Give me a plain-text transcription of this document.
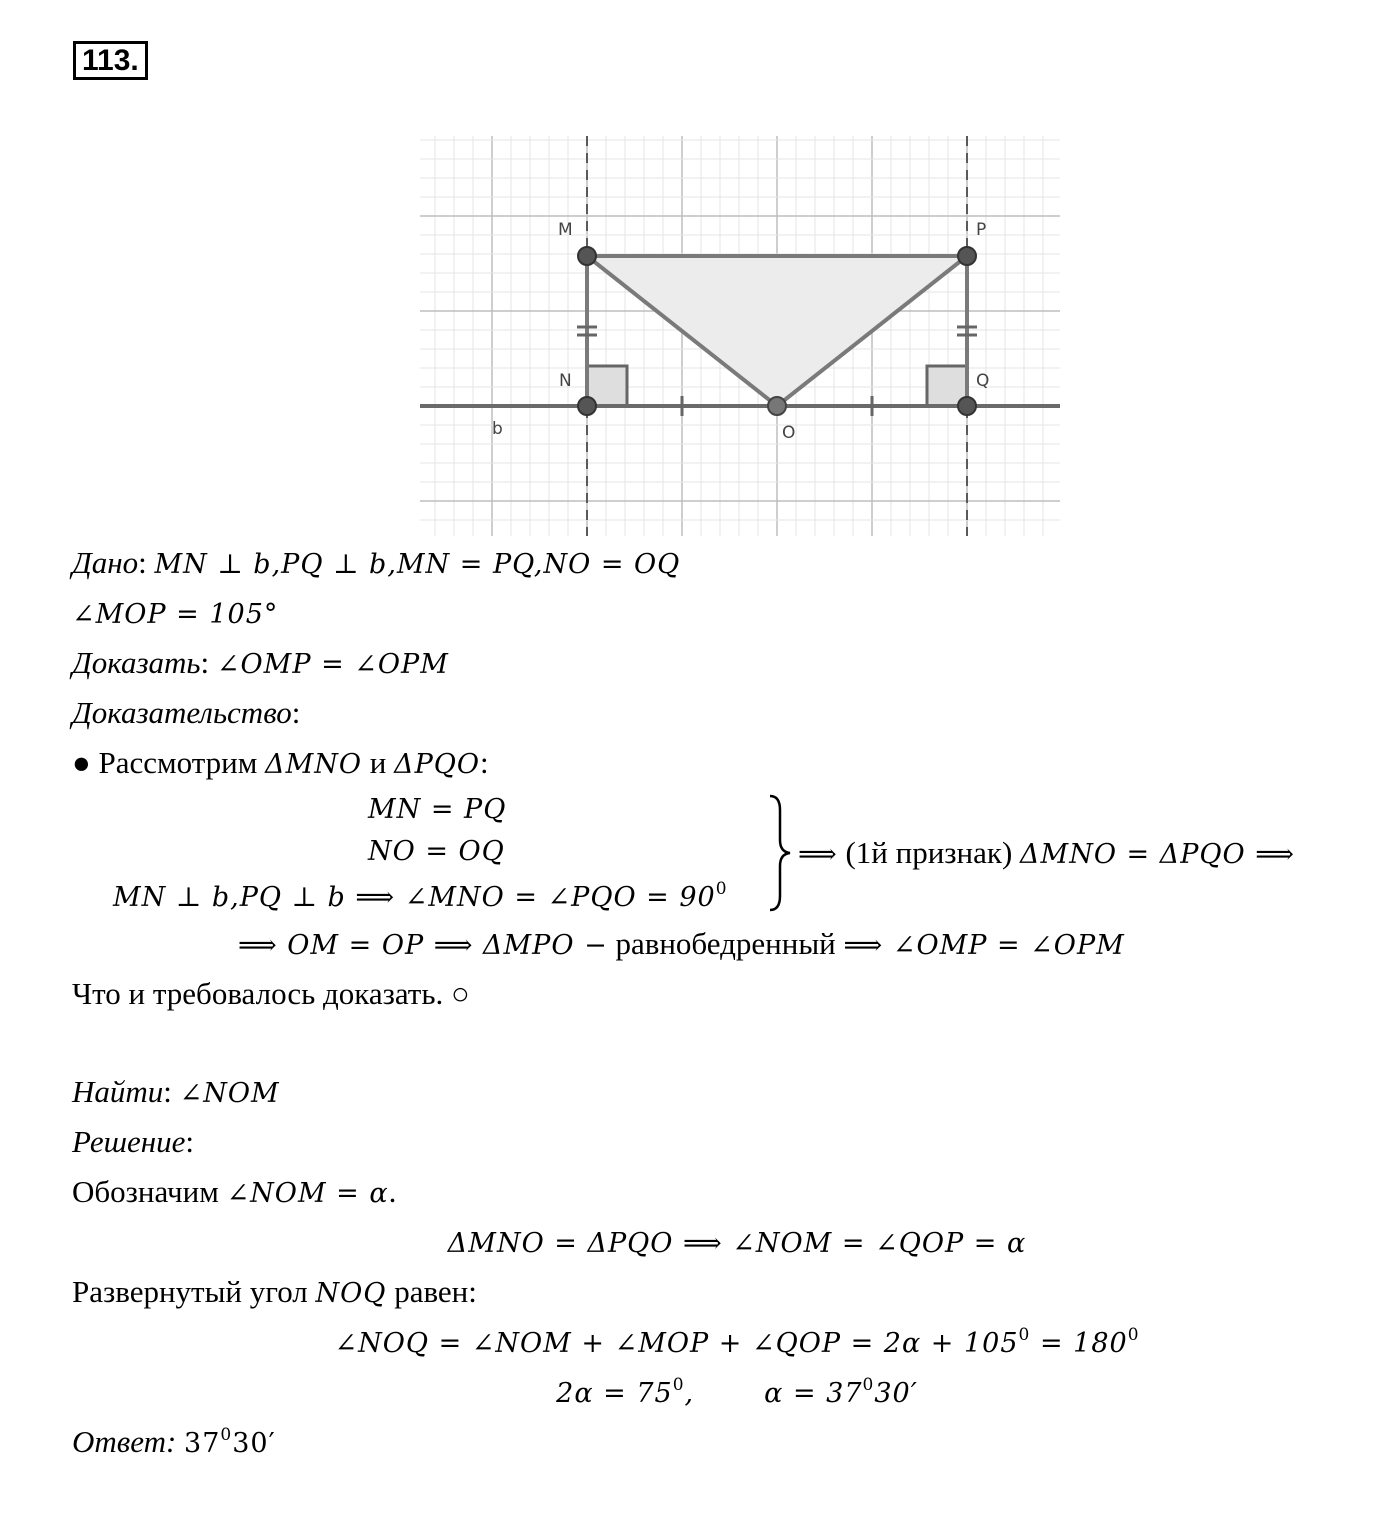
113.
M	P
N	Q
O
b
Дано: MN ⊥ b,PQ ⊥ b,MN = PQ,NO = OQ
∠MOP = 105°
Доказать: ∠OMP = ∠OPM
Доказательство:
● Рассмотрим ΔMNO и ΔPQO:
MN = PQ
NO = OQ
MN ⊥ b,PQ ⊥ b ⟹ ∠MNO = ∠PQO = $90^0$
⟹ (1й признак) ΔMNO = ΔPQO ⟹
⟹ OM = OP ⟹ ΔMPO − равнобедренный ⟹ ∠OMP = ∠OPM
Что и требовалось доказать. ○
Найти: ∠NOM
Решение:
Обозначим ∠NOM = α.
ΔMNO = ΔPQO ⟹ ∠NOM = ∠QOP = α
Развернутый угол NOQ равен:
∠NOQ = ∠NOM + ∠MOP + ∠QOP = $2\alpha + 105^0 = 180^0$
$2\alpha = 75^0$,	$\alpha = 37^030'$
Ответ: $37^030'$
